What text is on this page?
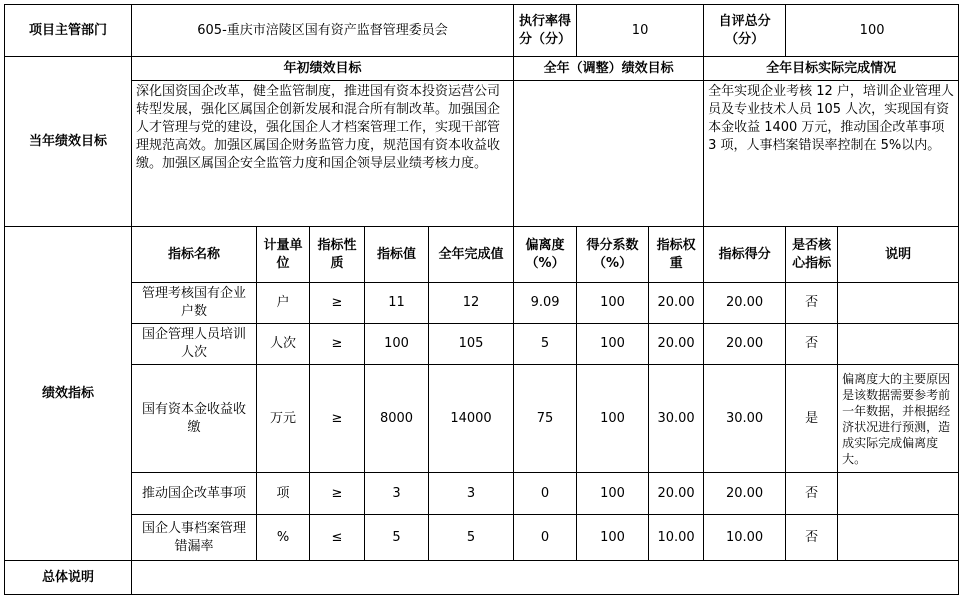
项目主管部门	605-重庆市涪陵区国有资产监督管理委员会					执行率得分（分）	10		自评总分（分）	100	
当年绩效目标	年初绩效目标					全年（调整）绩效目标			全年目标实际完成情况		
	深化国资国企改革，健全监管制度，推进国有资本投资运营公司转型发展，强化区属国企创新发展和混合所有制改革。加强国企人才管理与党的建设，强化国企人才档案管理工作，实现干部管理规范高效。加强区属国企财务监管力度，规范国有资本收益收缴。加强区属国企安全监管力度和国企领导层业绩考核力度。								全年实现企业考核 12 户，培训企业管理人员及专业技术人员 105 人次，实现国有资本金收益 1400 万元，推动国企改革事项 3 项，人事档案错误率控制在 5%以内。		
绩效指标	指标名称	计量单位	指标性质	指标值	全年完成值	偏离度（%）	得分系数（%）	指标权重	指标得分	是否核心指标	说明
	管理考核国有企业户数	户	≥	11	12	9.09	100	20.00	20.00	否	
	国企管理人员培训人次	人次	≥	100	105	5	100	20.00	20.00	否	
	国有资本金收益收缴	万元	≥	8000	14000	75	100	30.00	30.00	是	偏离度大的主要原因是该数据需要参考前一年数据，并根据经济状况进行预测，造成实际完成偏离度大。
	推动国企改革事项	项	≥	3	3	0	100	20.00	20.00	否	
	国企人事档案管理错漏率	%	≤	5	5	0	100	10.00	10.00	否	
总体说明											
